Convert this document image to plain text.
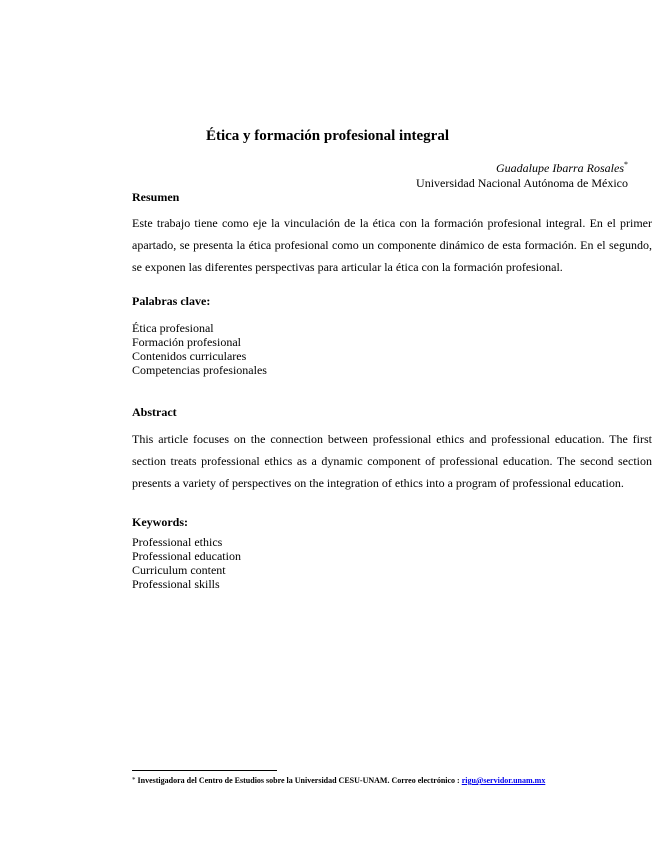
Ética y formación profesional integral
Guadalupe Ibarra Rosales*
Universidad Nacional Autónoma de México
Resumen
Este trabajo tiene como eje la vinculación de la ética con la formación profesional integral. En el primer apartado, se presenta la ética profesional como un componente dinámico de esta formación. En el segundo, se exponen las diferentes perspectivas para articular la ética con la formación profesional.
Palabras clave:
Ética profesional
Formación profesional
Contenidos curriculares
Competencias profesionales
Abstract
This article focuses on the connection between professional ethics and professional education. The first section treats professional ethics as a dynamic component of professional education. The second section presents a variety of perspectives on the integration of ethics into a program of professional education.
Keywords:
Professional ethics
Professional education
Curriculum content
Professional skills
* Investigadora del Centro de Estudios sobre la Universidad CESU-UNAM. Correo electrónico : rigu@servidor.unam.mx
